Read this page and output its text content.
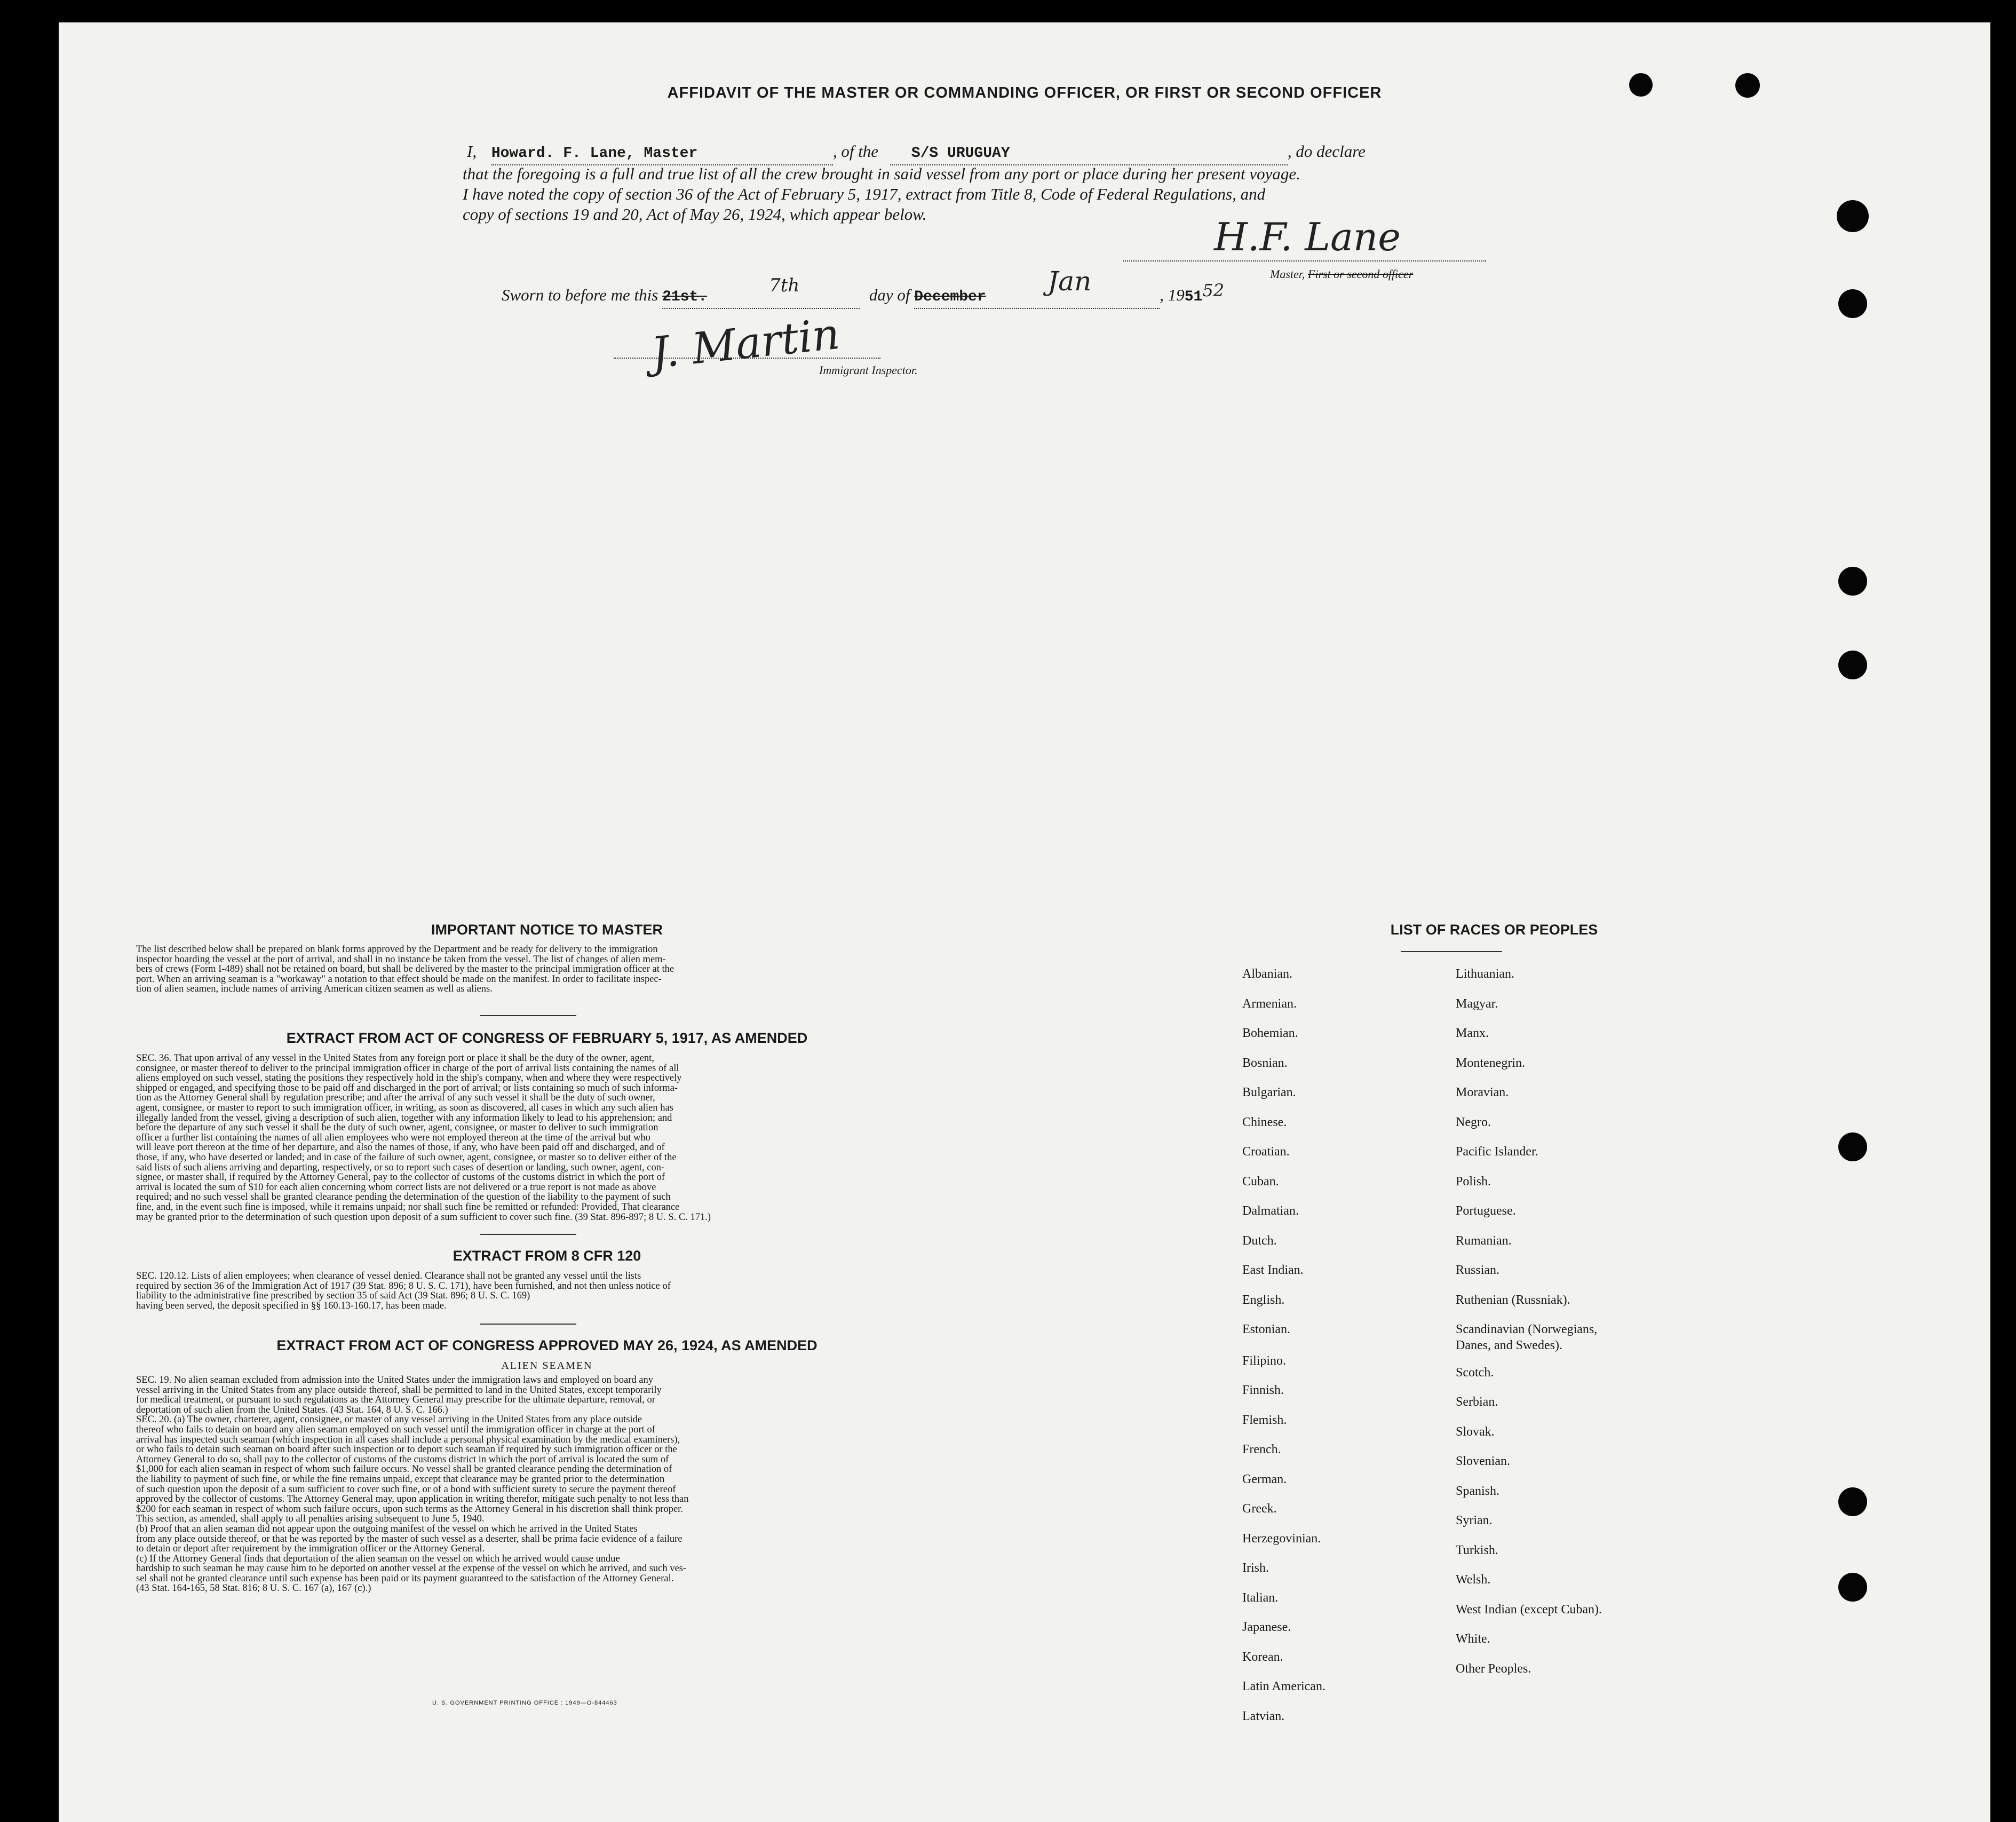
AFFIDAVIT OF THE MASTER OR COMMANDING OFFICER, OR FIRST OR SECOND OFFICER
I, Howard. F. Lane, Master	, of the S/S URUGUAY	, do declare
that the foregoing is a full and true list of all the crew brought in said vessel from any port or place during her present voyage.
I have noted the copy of section 36 of the Act of February 5, 1917, extract from Title 8, Code of Federal Regulations, and
copy of sections 19 and 20, Act of May 26, 1924, which appear below.
H.F. Lane
Master, First or second officer
Sworn to before me this 21st.
7th	day of December
Jan	, 195152
J. Martin
Immigrant Inspector.
IMPORTANT NOTICE TO MASTER
The list described below shall be prepared on blank forms approved by the Department and be ready for delivery to the immigration
inspector boarding the vessel at the port of arrival, and shall in no instance be taken from the vessel. The list of changes of alien mem-
bers of crews (Form I-489) shall not be retained on board, but shall be delivered by the master to the principal immigration officer at the
port. When an arriving seaman is a "workaway" a notation to that effect should be made on the manifest. In order to facilitate inspec-
tion of alien seamen, include names of arriving American citizen seamen as well as aliens.
EXTRACT FROM ACT OF CONGRESS OF FEBRUARY 5, 1917, AS AMENDED
SEC. 36. That upon arrival of any vessel in the United States from any foreign port or place it shall be the duty of the owner, agent,
consignee, or master thereof to deliver to the principal immigration officer in charge of the port of arrival lists containing the names of all
aliens employed on such vessel, stating the positions they respectively hold in the ship's company, when and where they were respectively
shipped or engaged, and specifying those to be paid off and discharged in the port of arrival; or lists containing so much of such informa-
tion as the Attorney General shall by regulation prescribe; and after the arrival of any such vessel it shall be the duty of such owner,
agent, consignee, or master to report to such immigration officer, in writing, as soon as discovered, all cases in which any such alien has
illegally landed from the vessel, giving a description of such alien, together with any information likely to lead to his apprehension; and
before the departure of any such vessel it shall be the duty of such owner, agent, consignee, or master to deliver to such immigration
officer a further list containing the names of all alien employees who were not employed thereon at the time of the arrival but who
will leave port thereon at the time of her departure, and also the names of those, if any, who have been paid off and discharged, and of
those, if any, who have deserted or landed; and in case of the failure of such owner, agent, consignee, or master so to deliver either of the
said lists of such aliens arriving and departing, respectively, or so to report such cases of desertion or landing, such owner, agent, con-
signee, or master shall, if required by the Attorney General, pay to the collector of customs of the customs district in which the port of
arrival is located the sum of $10 for each alien concerning whom correct lists are not delivered or a true report is not made as above
required; and no such vessel shall be granted clearance pending the determination of the question of the liability to the payment of such
fine, and, in the event such fine is imposed, while it remains unpaid; nor shall such fine be remitted or refunded: Provided, That clearance
may be granted prior to the determination of such question upon deposit of a sum sufficient to cover such fine. (39 Stat. 896-897; 8 U. S. C. 171.)
EXTRACT FROM 8 CFR 120
SEC. 120.12. Lists of alien employees; when clearance of vessel denied. Clearance shall not be granted any vessel until the lists
required by section 36 of the Immigration Act of 1917 (39 Stat. 896; 8 U. S. C. 171), have been furnished, and not then unless notice of
liability to the administrative fine prescribed by section 35 of said Act (39 Stat. 896; 8 U. S. C. 169)
having been served, the deposit specified in §§ 160.13-160.17, has been made.
EXTRACT FROM ACT OF CONGRESS APPROVED MAY 26, 1924, AS AMENDED
ALIEN SEAMEN
SEC. 19. No alien seaman excluded from admission into the United States under the immigration laws and employed on board any
vessel arriving in the United States from any place outside thereof, shall be permitted to land in the United States, except temporarily
for medical treatment, or pursuant to such regulations as the Attorney General may prescribe for the ultimate departure, removal, or
deportation of such alien from the United States. (43 Stat. 164, 8 U. S. C. 166.)
SEC. 20. (a) The owner, charterer, agent, consignee, or master of any vessel arriving in the United States from any place outside
thereof who fails to detain on board any alien seaman employed on such vessel until the immigration officer in charge at the port of
arrival has inspected such seaman (which inspection in all cases shall include a personal physical examination by the medical examiners),
or who fails to detain such seaman on board after such inspection or to deport such seaman if required by such immigration officer or the
Attorney General to do so, shall pay to the collector of customs of the customs district in which the port of arrival is located the sum of
$1,000 for each alien seaman in respect of whom such failure occurs. No vessel shall be granted clearance pending the determination of
the liability to payment of such fine, or while the fine remains unpaid, except that clearance may be granted prior to the determination
of such question upon the deposit of a sum sufficient to cover such fine, or of a bond with sufficient surety to secure the payment thereof
approved by the collector of customs. The Attorney General may, upon application in writing therefor, mitigate such penalty to not less than
$200 for each seaman in respect of whom such failure occurs, upon such terms as the Attorney General in his discretion shall think proper.
This section, as amended, shall apply to all penalties arising subsequent to June 5, 1940.
(b) Proof that an alien seaman did not appear upon the outgoing manifest of the vessel on which he arrived in the United States
from any place outside thereof, or that he was reported by the master of such vessel as a deserter, shall be prima facie evidence of a failure
to detain or deport after requirement by the immigration officer or the Attorney General.
(c) If the Attorney General finds that deportation of the alien seaman on the vessel on which he arrived would cause undue
hardship to such seaman he may cause him to be deported on another vessel at the expense of the vessel on which he arrived, and such ves-
sel shall not be granted clearance until such expense has been paid or its payment guaranteed to the satisfaction of the Attorney General.
(43 Stat. 164-165, 58 Stat. 816; 8 U. S. C. 167 (a), 167 (c).)
U. S. GOVERNMENT PRINTING OFFICE : 1949—O-844463
LIST OF RACES OR PEOPLES
Albanian.
Armenian.
Bohemian.
Bosnian.
Bulgarian.
Chinese.
Croatian.
Cuban.
Dalmatian.
Dutch.
East Indian.
English.
Estonian.
Filipino.
Finnish.
Flemish.
French.
German.
Greek.
Herzegovinian.
Irish.
Italian.
Japanese.
Korean.
Latin American.
Latvian.
Lithuanian.
Magyar.
Manx.
Montenegrin.
Moravian.
Negro.
Pacific Islander.
Polish.
Portuguese.
Rumanian.
Russian.
Ruthenian (Russniak).
Scandinavian (Norwegians,
Danes, and Swedes).
Scotch.
Serbian.
Slovak.
Slovenian.
Spanish.
Syrian.
Turkish.
Welsh.
West Indian (except Cuban).
White.
Other Peoples.
